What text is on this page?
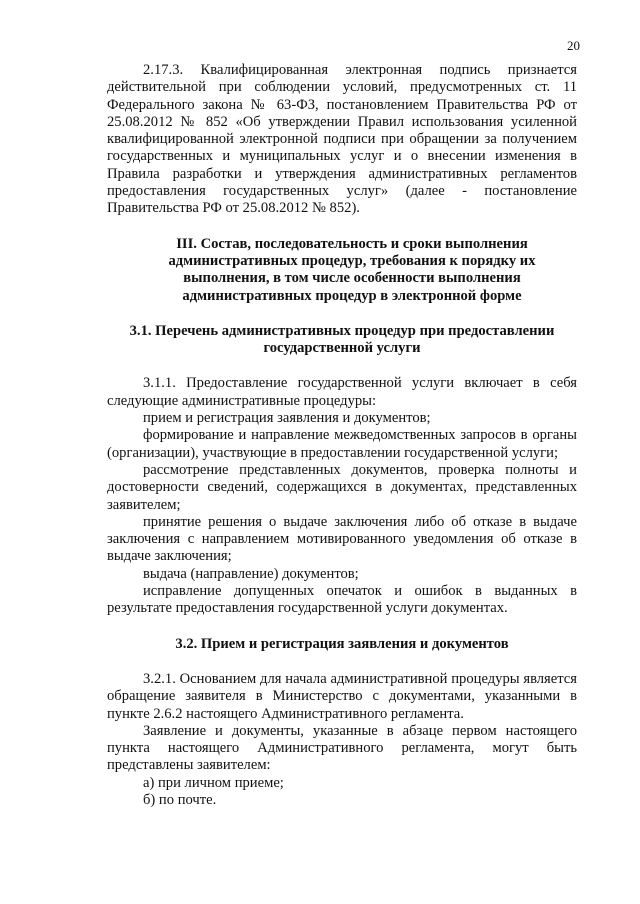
20

2.17.3. Квалифицированная электронная подпись признается действительной при соблюдении условий, предусмотренных ст. 11 Федерального закона № 63-ФЗ, постановлением Правительства РФ от 25.08.2012 № 852 «Об утверждении Правил использования усиленной квалифицированной электронной подписи при обращении за получением государственных и муниципальных услуг и о внесении изменения в Правила разработки и утверждения административных регламентов предоставления государственных услуг» (далее - постановление Правительства РФ от 25.08.2012 № 852).

III. Состав, последовательность и сроки выполнения административных процедур, требования к порядку их выполнения, в том числе особенности выполнения административных процедур в электронной форме

3.1. Перечень административных процедур при предоставлении государственной услуги

3.1.1. Предоставление государственной услуги включает в себя следующие административные процедуры:

прием и регистрация заявления и документов;

формирование и направление межведомственных запросов в органы (организации), участвующие в предоставлении государственной услуги;

рассмотрение представленных документов, проверка полноты и достоверности сведений, содержащихся в документах, представленных заявителем;

принятие решения о выдаче заключения либо об отказе в выдаче заключения с направлением мотивированного уведомления об отказе в выдаче заключения;

выдача (направление) документов;

исправление допущенных опечаток и ошибок в выданных в результате предоставления государственной услуги документах.

3.2. Прием и регистрация заявления и документов

3.2.1. Основанием для начала административной процедуры является обращение заявителя в Министерство с документами, указанными в пункте 2.6.2 настоящего Административного регламента.

Заявление и документы, указанные в абзаце первом настоящего пункта настоящего Административного регламента, могут быть представлены заявителем:

а) при личном приеме;

б) по почте.
